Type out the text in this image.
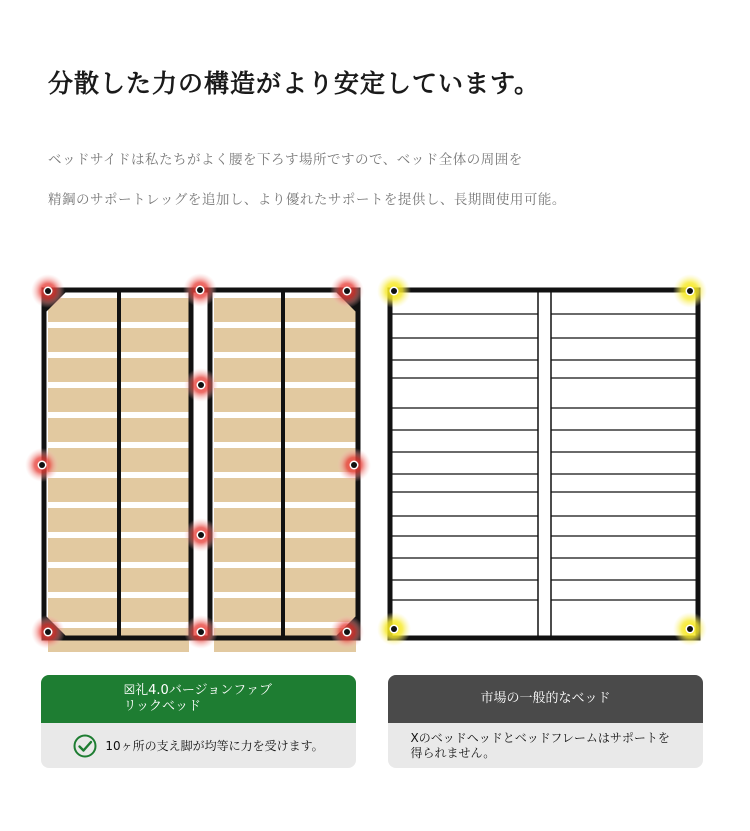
分散した力の構造がより安定しています。
ベッドサイドは私たちがよく腰を下ろす場所ですので、ベッド全体の周囲を
精鋼のサポートレッグを追加し、より優れたサポートを提供し、長期間使用可能。
☒礼4.0バージョンファブリックベッド
10ヶ所の支え脚が均等に力を受けます。
市場の一般的なベッド
Xのベッドヘッドとベッドフレームはサポートを得られません。
